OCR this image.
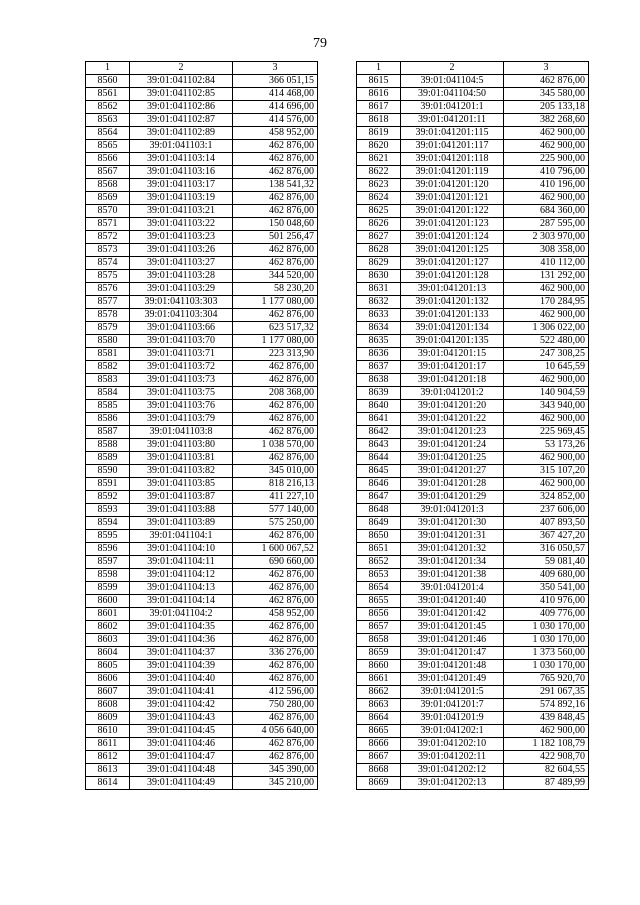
79
1	2	3
8560	39:01:041102:84	366 051,15
8561	39:01:041102:85	414 468,00
8562	39:01:041102:86	414 696,00
8563	39:01:041102:87	414 576,00
8564	39:01:041102:89	458 952,00
8565	39:01:041103:1	462 876,00
8566	39:01:041103:14	462 876,00
8567	39:01:041103:16	462 876,00
8568	39:01:041103:17	138 541,32
8569	39:01:041103:19	462 876,00
8570	39:01:041103:21	462 876,00
8571	39:01:041103:22	150 048,60
8572	39:01:041103:23	501 256,47
8573	39:01:041103:26	462 876,00
8574	39:01:041103:27	462 876,00
8575	39:01:041103:28	344 520,00
8576	39:01:041103:29	58 230,20
8577	39:01:041103:303	1 177 080,00
8578	39:01:041103:304	462 876,00
8579	39:01:041103:66	623 517,32
8580	39:01:041103:70	1 177 080,00
8581	39:01:041103:71	223 313,90
8582	39:01:041103:72	462 876,00
8583	39:01:041103:73	462 876,00
8584	39:01:041103:75	208 368,00
8585	39:01:041103:76	462 876,00
8586	39:01:041103:79	462 876,00
8587	39:01:041103:8	462 876,00
8588	39:01:041103:80	1 038 570,00
8589	39:01:041103:81	462 876,00
8590	39:01:041103:82	345 010,00
8591	39:01:041103:85	818 216,13
8592	39:01:041103:87	411 227,10
8593	39:01:041103:88	577 140,00
8594	39:01:041103:89	575 250,00
8595	39:01:041104:1	462 876,00
8596	39:01:041104:10	1 600 067,52
8597	39:01:041104:11	690 660,00
8598	39:01:041104:12	462 876,00
8599	39:01:041104:13	462 876,00
8600	39:01:041104:14	462 876,00
8601	39:01:041104:2	458 952,00
8602	39:01:041104:35	462 876,00
8603	39:01:041104:36	462 876,00
8604	39:01:041104:37	336 276,00
8605	39:01:041104:39	462 876,00
8606	39:01:041104:40	462 876,00
8607	39:01:041104:41	412 596,00
8608	39:01:041104:42	750 280,00
8609	39:01:041104:43	462 876,00
8610	39:01:041104:45	4 056 640,00
8611	39:01:041104:46	462 876,00
8612	39:01:041104:47	462 876,00
8613	39:01:041104:48	345 390,00
8614	39:01:041104:49	345 210,00
1	2	3
8615	39:01:041104:5	462 876,00
8616	39:01:041104:50	345 580,00
8617	39:01:041201:1	205 133,18
8618	39:01:041201:11	382 268,60
8619	39:01:041201:115	462 900,00
8620	39:01:041201:117	462 900,00
8621	39:01:041201:118	225 900,00
8622	39:01:041201:119	410 796,00
8623	39:01:041201:120	410 196,00
8624	39:01:041201:121	462 900,00
8625	39:01:041201:122	684 360,00
8626	39:01:041201:123	287 595,00
8627	39:01:041201:124	2 303 970,00
8628	39:01:041201:125	308 358,00
8629	39:01:041201:127	410 112,00
8630	39:01:041201:128	131 292,00
8631	39:01:041201:13	462 900,00
8632	39:01:041201:132	170 284,95
8633	39:01:041201:133	462 900,00
8634	39:01:041201:134	1 306 022,00
8635	39:01:041201:135	522 480,00
8636	39:01:041201:15	247 308,25
8637	39:01:041201:17	10 645,59
8638	39:01:041201:18	462 900,00
8639	39:01:041201:2	140 904,59
8640	39:01:041201:20	343 940,00
8641	39:01:041201:22	462 900,00
8642	39:01:041201:23	225 969,45
8643	39:01:041201:24	53 173,26
8644	39:01:041201:25	462 900,00
8645	39:01:041201:27	315 107,20
8646	39:01:041201:28	462 900,00
8647	39:01:041201:29	324 852,00
8648	39:01:041201:3	237 606,00
8649	39:01:041201:30	407 893,50
8650	39:01:041201:31	367 427,20
8651	39:01:041201:32	316 050,57
8652	39:01:041201:34	59 081,40
8653	39:01:041201:38	409 680,00
8654	39:01:041201:4	350 541,00
8655	39:01:041201:40	410 976,00
8656	39:01:041201:42	409 776,00
8657	39:01:041201:45	1 030 170,00
8658	39:01:041201:46	1 030 170,00
8659	39:01:041201:47	1 373 560,00
8660	39:01:041201:48	1 030 170,00
8661	39:01:041201:49	765 920,70
8662	39:01:041201:5	291 067,35
8663	39:01:041201:7	574 892,16
8664	39:01:041201:9	439 848,45
8665	39:01:041202:1	462 900,00
8666	39:01:041202:10	1 182 108,79
8667	39:01:041202:11	422 908,70
8668	39:01:041202:12	82 604,55
8669	39:01:041202:13	87 489,99
